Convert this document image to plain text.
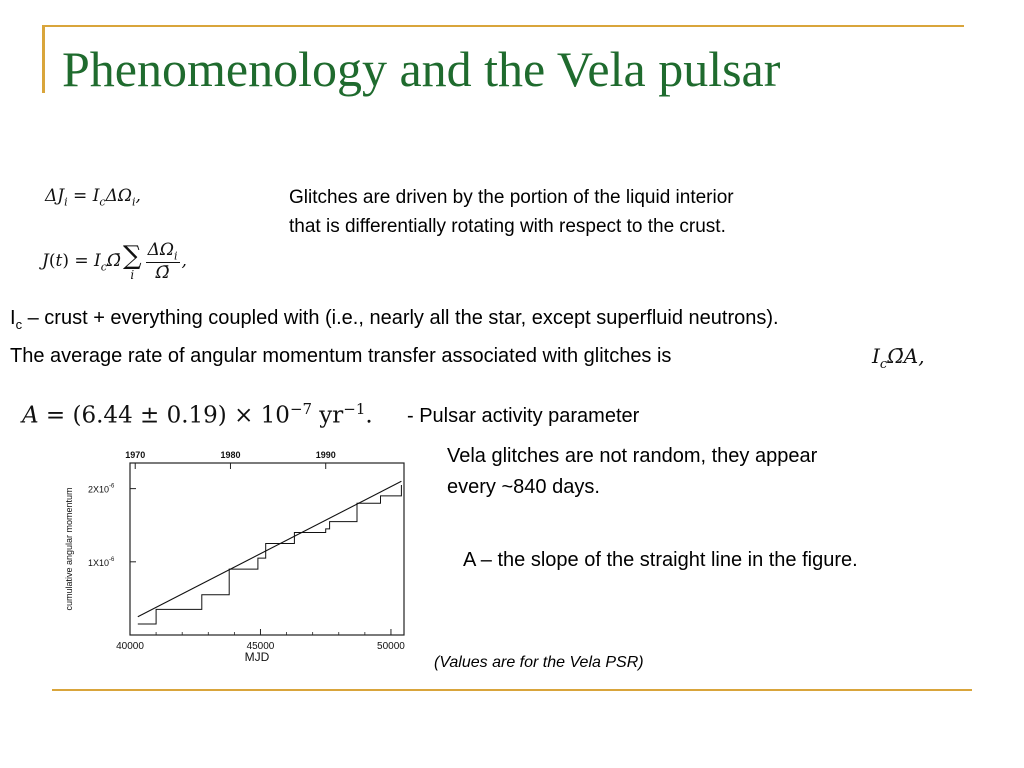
Phenomenology and the Vela pulsar
$\Delta J_i = I_c\Delta\Omega_i$,
$J(t) = I_c\Omegā\sum$
i $\frac{\Delta\Omega_i}{\Omegā}$ ,
$I_c\OmegāA$,
$A = (6.44 \pm 0.19) \times 10^{-7}$ $yr^{-1}$.
Glitches are driven by the portion of the liquid interior
that is differentially rotating with respect to the crust.
$I_c$ – crust + everything coupled with (i.e., nearly all the star, except superfluid neutrons).
The average rate of angular momentum transfer associated with glitches is
- Pulsar activity parameter
Vela glitches are not random, they appear
every ~840 days.
A – the slope of the straight line in the figure.
(Values are for the Vela PSR)
40000	45000	50000
1970	1980	1990
1X10 -6
2X10 -6
MJD
cumulative angular momentum
